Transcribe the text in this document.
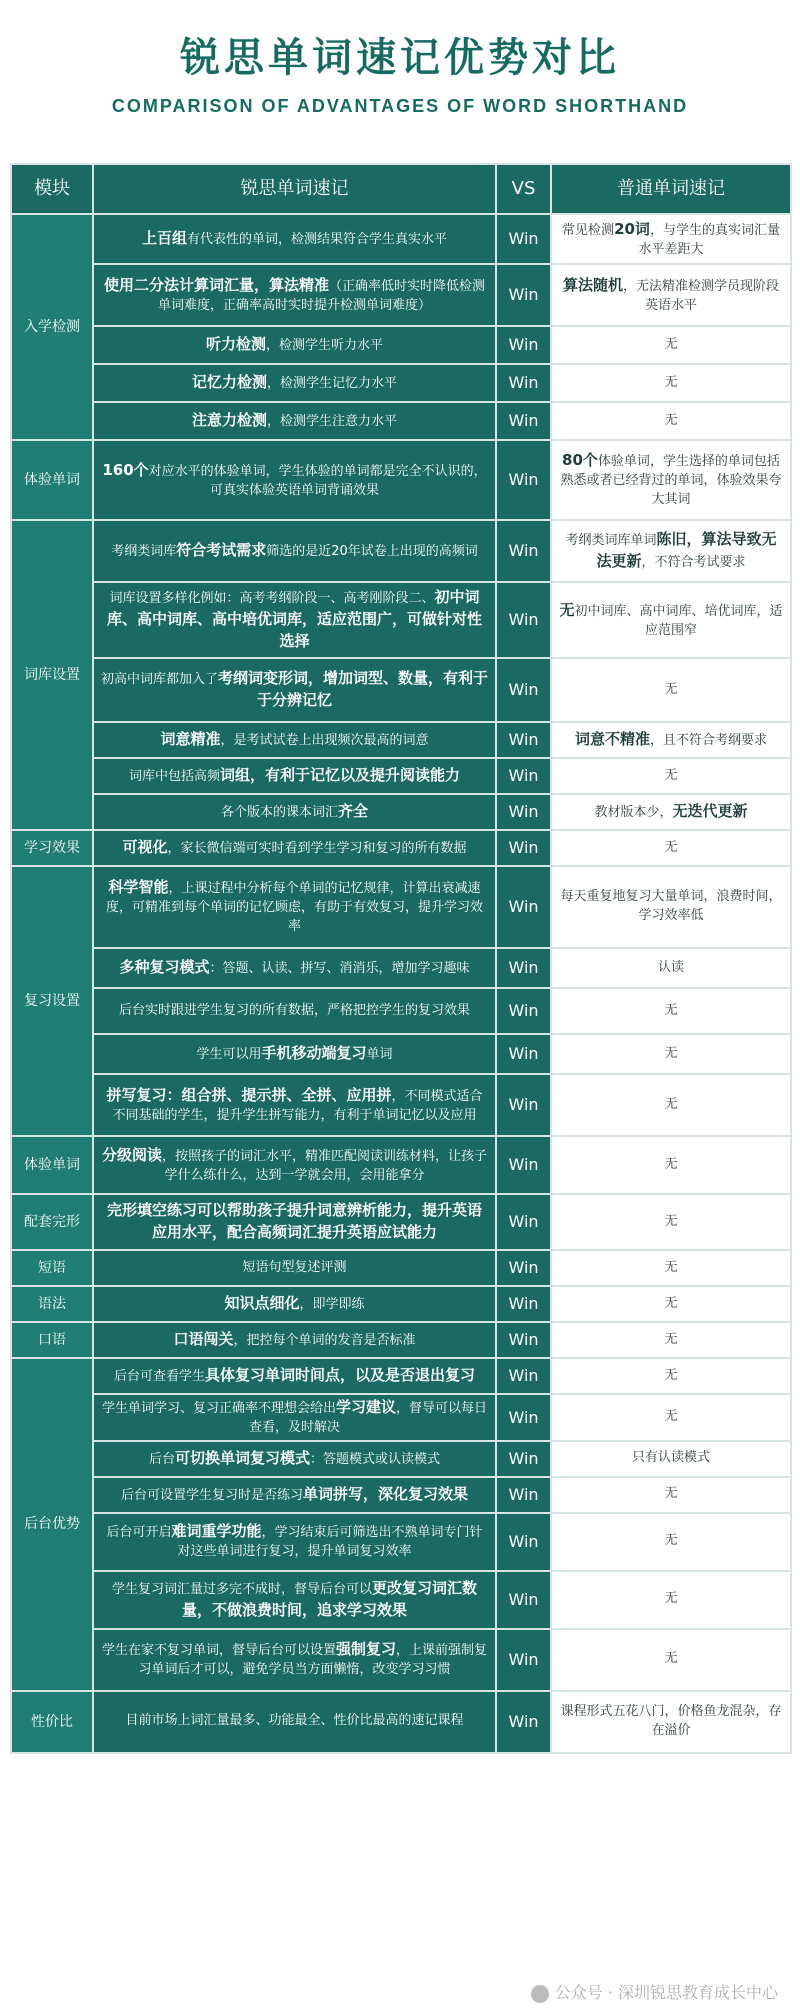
锐思单词速记优势对比
COMPARISON OF ADVANTAGES OF WORD SHORTHAND
模块	锐思单词速记	VS	普通单词速记
入学检测	上百组有代表性的单词，检测结果符合学生真实水平	Win	常见检测20词，与学生的真实词汇量水平差距大
	使用二分法计算词汇量，算法精准（正确率低时实时降低检测单词难度，正确率高时实时提升检测单词难度）	Win	算法随机，无法精准检测学员现阶段英语水平
	听力检测，检测学生听力水平	Win	无
	记忆力检测，检测学生记忆力水平	Win	无
	注意力检测，检测学生注意力水平	Win	无
体验单词	160个对应水平的体验单词，学生体验的单词都是完全不认识的，可真实体验英语单词背诵效果	Win	80个体验单词，学生选择的单词包括熟悉或者已经背过的单词，体验效果夸大其词
词库设置	考纲类词库符合考试需求筛选的是近20年试卷上出现的高频词	Win	考纲类词库单词陈旧，算法导致无法更新，不符合考试要求
	词库设置多样化例如：高考考纲阶段一、高考刚阶段二、初中词库、高中词库、高中培优词库，适应范围广，可做针对性选择	Win	无初中词库、高中词库、培优词库，适应范围窄
	初高中词库都加入了考纲词变形词，增加词型、数量，有利于于分辨记忆	Win	无
	词意精准，是考试试卷上出现频次最高的词意	Win	词意不精准，且不符合考纲要求
	词库中包括高频词组，有利于记忆以及提升阅读能力	Win	无
	各个版本的课本词汇齐全	Win	教材版本少，无迭代更新
学习效果	可视化，家长微信端可实时看到学生学习和复习的所有数据	Win	无
复习设置	科学智能，上课过程中分析每个单词的记忆规律，计算出衰减速度，可精准到每个单词的记忆顾虑，有助于有效复习，提升学习效率	Win	每天重复地复习大量单词，浪费时间，学习效率低
	多种复习模式：答题、认读、拼写、消消乐，增加学习趣味	Win	认读
	后台实时跟进学生复习的所有数据，严格把控学生的复习效果	Win	无
	学生可以用手机移动端复习单词	Win	无
	拼写复习：组合拼、提示拼、全拼、应用拼，不同模式适合不同基础的学生，提升学生拼写能力，有利于单词记忆以及应用	Win	无
体验单词	分级阅读，按照孩子的词汇水平，精准匹配阅读训练材料，让孩子学什么练什么，达到一学就会用，会用能拿分	Win	无
配套完形	完形填空练习可以帮助孩子提升词意辨析能力，提升英语应用水平，配合高频词汇提升英语应试能力	Win	无
短语	短语句型复述评测	Win	无
语法	知识点细化，即学即练	Win	无
口语	口语闯关，把控每个单词的发音是否标准	Win	无
后台优势	后台可查看学生具体复习单词时间点，以及是否退出复习	Win	无
	学生单词学习、复习正确率不理想会给出学习建议，督导可以每日查看，及时解决	Win	无
	后台可切换单词复习模式：答题模式或认读模式	Win	只有认读模式
	后台可设置学生复习时是否练习单词拼写，深化复习效果	Win	无
	后台可开启难词重学功能，学习结束后可筛选出不熟单词专门针对这些单词进行复习，提升单词复习效率	Win	无
	学生复习词汇量过多完不成时，督导后台可以更改复习词汇数量，不做浪费时间，追求学习效果	Win	无
	学生在家不复习单词，督导后台可以设置强制复习，上课前强制复习单词后才可以，避免学员当方面懒惰，改变学习习惯	Win	无
性价比	目前市场上词汇量最多、功能最全、性价比最高的速记课程	Win	课程形式五花八门，价格鱼龙混杂，存在溢价
公众号 · 深圳锐思教育成长中心
